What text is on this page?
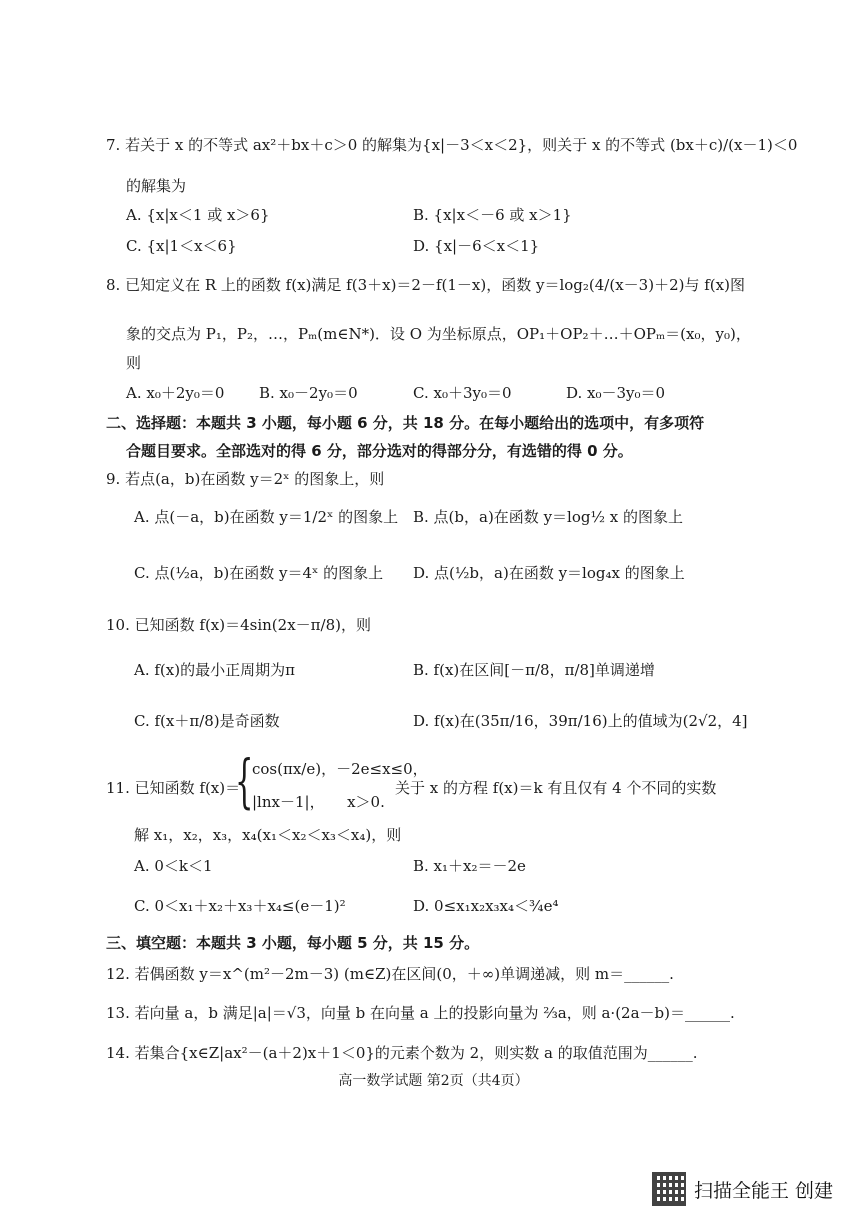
7. 若关于 x 的不等式 ax²＋bx＋c＞0 的解集为{x|－3＜x＜2}，则关于 x 的不等式 (bx＋c)/(x－1)＜0
的解集为
A. {x|x＜1 或 x＞6}	B. {x|x＜－6 或 x＞1}
C. {x|1＜x＜6}	D. {x|－6＜x＜1}
8. 已知定义在 R 上的函数 f(x)满足 f(3＋x)＝2－f(1－x)，函数 y＝log₂(4/(x－3)＋2)与 f(x)图
象的交点为 P₁，P₂，…，Pₘ(m∈N*)．设 O 为坐标原点，OP₁＋OP₂＋…＋OPₘ＝(x₀，y₀)，
则
A. x₀＋2y₀＝0 B. x₀－2y₀＝0	C. x₀＋3y₀＝0	D. x₀－3y₀＝0
二、选择题：本题共 3 小题，每小题 6 分，共 18 分。在每小题给出的选项中，有多项符
合题目要求。全部选对的得 6 分，部分选对的得部分分，有选错的得 0 分。
9. 若点(a，b)在函数 y＝2ˣ 的图象上，则
A. 点(－a，b)在函数 y＝1/2ˣ 的图象上 B. 点(b，a)在函数 y＝log½ x 的图象上
C. 点(½a，b)在函数 y＝4ˣ 的图象上 D. 点(½b，a)在函数 y＝log₄x 的图象上
10. 已知函数 f(x)＝4sin(2x－π/8)，则
A. f(x)的最小正周期为π	B. f(x)在区间[－π/8，π/8]单调递增
C. f(x＋π/8)是奇函数	D. f(x)在(35π/16，39π/16)上的值域为(2√2，4]
11. 已知函数 f(x)＝
{
cos(πx/e)，－2e≤x≤0，
|lnx－1|，　　x＞0.
关于 x 的方程 f(x)＝k 有且仅有 4 个不同的实数
解 x₁，x₂，x₃，x₄(x₁＜x₂＜x₃＜x₄)，则
A. 0＜k＜1	B. x₁＋x₂＝－2e
C. 0＜x₁＋x₂＋x₃＋x₄≤(e－1)²	D. 0≤x₁x₂x₃x₄＜¾e⁴
三、填空题：本题共 3 小题，每小题 5 分，共 15 分。
12. 若偶函数 y＝x^(m²－2m－3) (m∈Z)在区间(0，＋∞)单调递减，则 m＝______.
13. 若向量 a，b 满足|a|＝√3，向量 b 在向量 a 上的投影向量为 ⅔a，则 a·(2a－b)＝______.
14. 若集合{x∈Z|ax²－(a＋2)x＋1＜0}的元素个数为 2，则实数 a 的取值范围为______.
高一数学试题 第2页（共4页）
扫描全能王 创建
